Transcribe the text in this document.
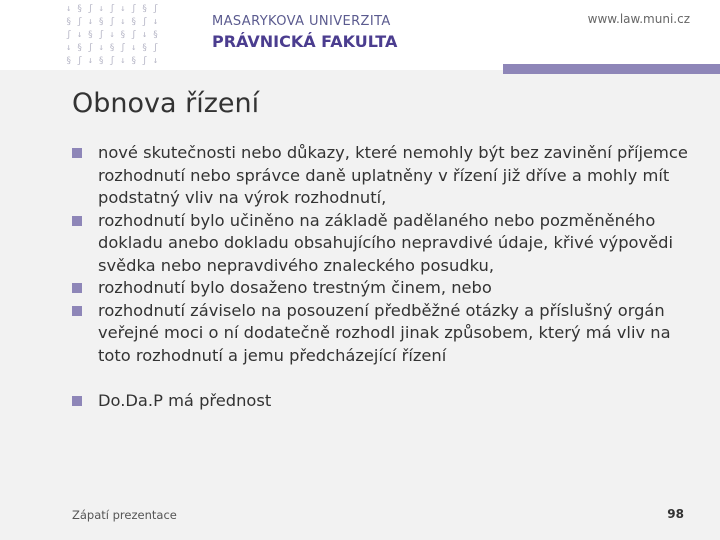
↓ § ʃ ↓ ʃ ↓ ʃ § ʃ
§ ʃ ↓ § ʃ ↓ § ʃ ↓
ʃ ↓ § ʃ ↓ § ʃ ↓ §
↓ § ʃ ↓ § ʃ ↓ § ʃ
§ ʃ ↓ § ʃ ↓ § ʃ ↓
MASARYKOVA UNIVERZITA
PRÁVNICKÁ FAKULTA
www.law.muni.cz
Obnova řízení
nové skutečnosti nebo důkazy, které nemohly být bez zavinění příjemce rozhodnutí nebo správce daně uplatněny v řízení již dříve a mohly mít podstatný vliv na výrok rozhodnutí,
rozhodnutí bylo učiněno na základě padělaného nebo pozměněného dokladu anebo dokladu obsahujícího nepravdivé údaje, křivé výpovědi svědka nebo nepravdivého znaleckého posudku,
rozhodnutí bylo dosaženo trestným činem, nebo
rozhodnutí záviselo na posouzení předběžné otázky a příslušný orgán veřejné moci o ní dodatečně rozhodl jinak způsobem, který má vliv na toto rozhodnutí a jemu předcházející řízení
Do.Da.P má přednost
Zápatí prezentace	98
